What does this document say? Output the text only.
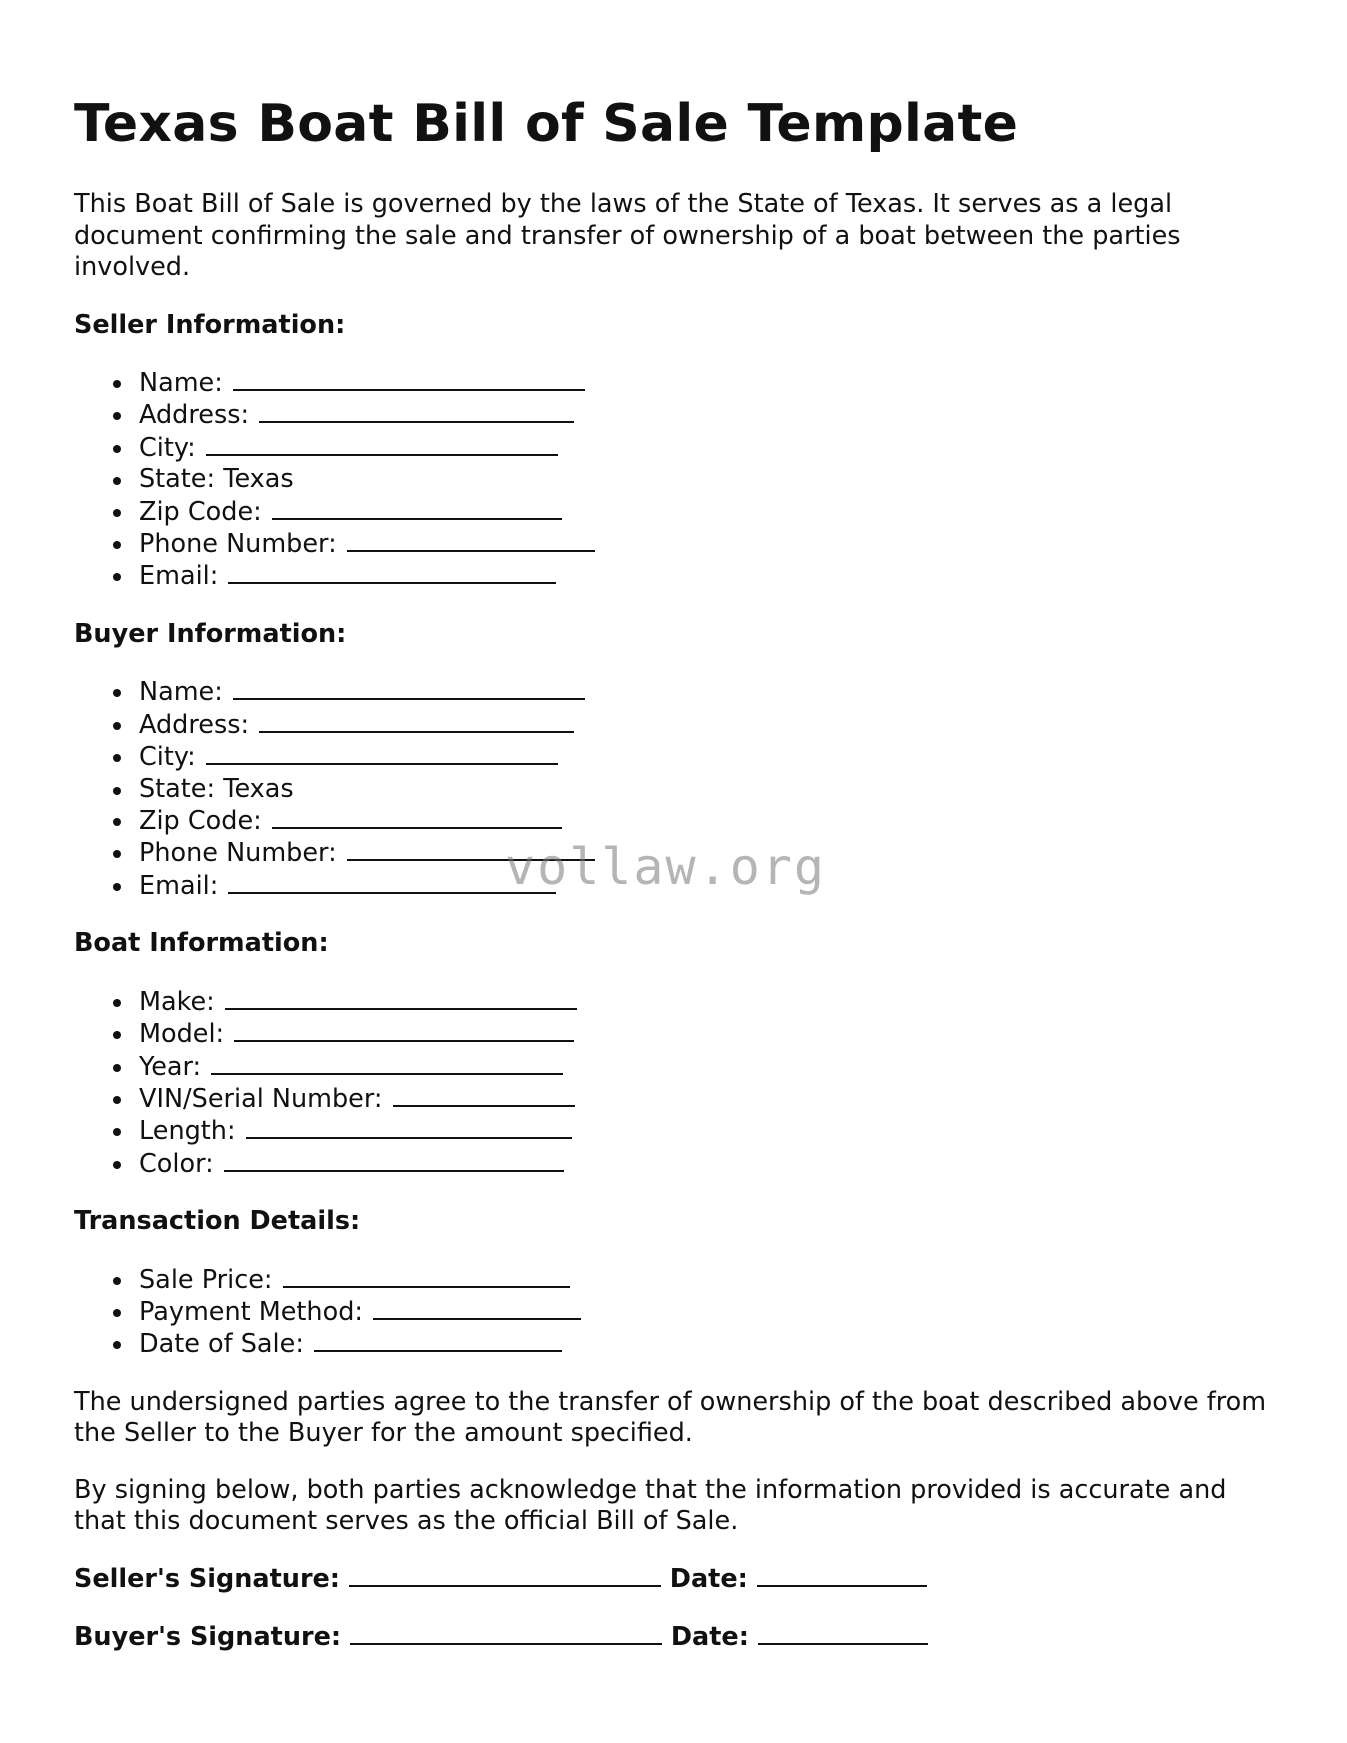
Texas Boat Bill of Sale Template

This Boat Bill of Sale is governed by the laws of the State of Texas. It serves as a legal document confirming the sale and transfer of ownership of a boat between the parties involved.

Seller Information:
Name:
Address:
City:
State: Texas
Zip Code:
Phone Number:
Email:
Buyer Information:
Name:
Address:
City:
State: Texas
Zip Code:
Phone Number:
Email:
Boat Information:
Make:
Model:
Year:
VIN/Serial Number:
Length:
Color:
Transaction Details:
Sale Price:
Payment Method:
Date of Sale:

The undersigned parties agree to the transfer of ownership of the boat described above from the Seller to the Buyer for the amount specified.

By signing below, both parties acknowledge that the information provided is accurate and that this document serves as the official Bill of Sale.

Seller's Signature:	Date:
Buyer's Signature:	Date:
vollaw.org
